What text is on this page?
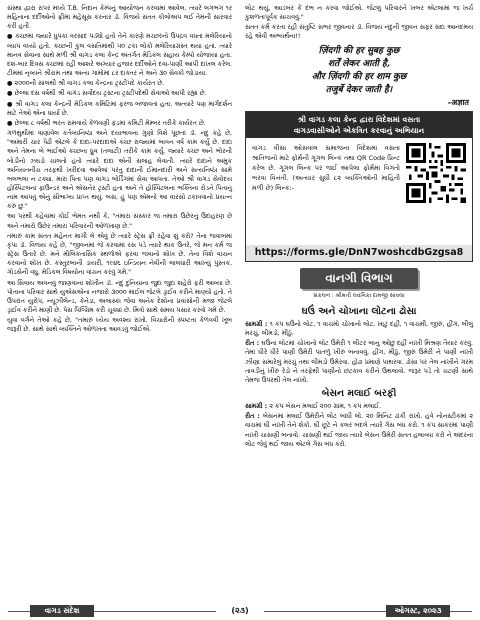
સંસ્થા દ્વારા રાપર મધ્યે T.B. નિદાન કેમ્પનું આયોજન કરવામાં આવેલ. ત્યારે લગભગ ૧ર મહિનાના દર્દીઓનો ફ્રીમાં મહેસૂસ કરનાર ડૉ. વિજયે સતત કોલોઅપ લઈ તેમની સારવાર કરી હતી.

● ક્ચ્છમાં જ્યારે ધુપકા વરસાદ પડ્યો હતો તેને કારણે મચ્છરનો ઉપદ્રવ વધતાં મલેરિયાનો વ્યાપ વધ્યો હતો. ક્ચ્છની કુલ વસતિમાંથી ૫૦ ટકા લોકો મલેરિયાગ્રસ્ત થયા હતાં. ત્યારે માનવ સેવાના સાથે મળી શ્રી વાગડ કલા કેન્દ્ર અંતર્ગત મેડિકલ સહાય કેમ્પો યોજાયા હતા. દશ-બાર દિવસ ક્ચ્છમાં રહી આશરે અગ્યાર હજાર દર્દીઓને દવા-પાણી આપી દાખલ કરેલ. ટીમમાં નૃવ્યને શ્રીરામ તથા અન્ય ગામોમાં ૮ર દાક્તર ને અને ૩૦ સેવકો જોડાયા.

● ૨૦૦૦ની સાલથી શ્રી વાગડ કલા કેન્દ્રના ટ્રસ્ટીપદે કાર્યરત છે.

● છેલ્લા દસ વર્ષથી શ્રી વાગડ સર્વોદય ટ્રસ્ટના ટ્રસ્ટીપદેથી સેવાઓ આપી રહ્યા છે.

● શ્રી વાગડ કલા કેન્દ્રની મેડિકલ કમિટિમાં ફરજ બજાવતાં હતા. અત્યારે પણ માર્ગદર્શન માટે તેઓ એના ધાર્યા છે.

● છેલ્લા ૮ વર્ષથી ભરત રામવાયે કેળવણી ફંડમાં કમિટી મેમ્બર તરીકે કાર્યરત છે.

ગળથુથીમાં વાણાવેલ કર્તવ્યનિષ્ઠા અને દયાભાવના ગુણો વિશે પૂછતાં ડૉ. નંદુ કહે છે, "અમારી ચાર પેઢી એટલે કે દાદા-પરદાદાએ ક્ચ્છ રાજ્યમાં બાવન વર્ષ કામ કર્યું છે. દાદા અને તેમના બે ભાઈઓ ક્ચ્છના ધ્રુવ (તલાટી) તરીકે કામ કર્યું. જ્યારે ક્ચ્છ અને ભોરની બોડીનો ઝઘડો ચાલતો હતો ત્યારે દાદા એની સલાહ લેવાતી. ત્યારે દાદાને અમુક અનિયતનીચ તરફથી ખરીદવા આવેલાં પરંતુ દાદાની ઈમાનદારી અને સત્યનિષ્ઠા સામે ભલભલા ન ટક્યા. મારા પિતા પણ વાગડ બોર્ડિંગમાં સેવા આપતા. તેઓ શ્રી વાગડ સેવોદય હોસ્પિટલના ફાઉન્ડર અને એસનેર ટ્રસ્ટી હતા અને તે હોસ્પિટલના ભક્તિના રોડને પિતાનું નામ આપવું એનું સૌભાગ્ય પ્રાપ્ત થયું. બસ, હું પણ એમનો આ વારસો ટકાવવાનો પ્રયત્ન કરું છું."

આ પરથી કહેવામાં કોઈ ભેમત નથી કે, "તમારા સંસ્કાર જ તમારા ઉછેરનું ઉદાહરણ છે અને તમારો ઉછેર તમારા પરિવારની ઓળખાણ છે."

તમારું કામ સતત મહેનત માગી લે એવું છે ત્યારે સ્ટ્રેસ ફ્રી રહેવા શું કરો? તેના જવાબમાં કૃપા ડૉ. વિજય કહે છે, "જીવનમાં જે કરવામાં રસ પડે ત્યારે થાક ઉતરે, જે મન કર્મ જ સ્ટ્રેસ ઉતારે છે. મને મૌલિકતાસિક સ્થળોએ ફરવા જવાનો શોખ છે. તેના વિશે વાંચન કરવાનો શોખ છે. કસ્તુરબાની ડાયરી, ૧૯૪૬ ઇન્ડિયન નેવીની લાલધારી આખ્યું પુસ્તક, ગોડસેની વધુ, મેડિકલ વિષયોના વાંચન કરવું ગમે."

આ સિવાય અવનવું જાણવાના શોખીન ડૉ. નંદુ દુનિયાના જુદા જુદા શહેરો ફરી આવ્યા છે. પોતાના પરિવાર સાથે યુએસએના નજારો ૩૦૦૦ માઈલ જેટલે ડ્રાઈવ કરીને માણ્યો હતો. તે ઉપરાંત યુરોપ, ન્યૂઝીલેન્ડ, કેનેડા, અલાસ્કા જેવા અનેક દેશોના પ્રવાસોની મજા જેટલે ડ્રાઈવ કરીને માણી છે. પેસ પિલ્ગ્રિમ કરી ચૂક્યાં છે. મિત્રો સાથે સમય પસાર કરવો ગમે છે.

યુવા વર્ગને તેઓ કહે છે, "તમારું ધ્યેય અવશ્ય રાખો. વિચારોની સ્પષ્ટતા કેળવવી ખૂબ જરૂરી છે. સાથે સાથે વ્યક્તિને ઓળખતા આવડવું જોઈએ.

લોટ થયું, આડંબર કે દંભ ન કરવા જોઈએ. જેટલું પરિવારને ખબર એટલામાં જ ખર્ચ કુશળતાપૂર્વક સાચવવું."

સતત કર્મ કરતા રહી સંતુષ્ટિ સભર જીવનાર ડૉ. વિજય નંદુની જીવન સફર સદા આનંદમય રહે એવી અભ્યર્થના!!

ज़िंदगी की हर सुबह कुछ
शर्तें लेकर आती है,
और ज़िंदगी की हर शाम कुछ
तजुर्बे देकर जाती है।
-अज्ञात
શ્રી વાગડ કલા કેન્દ્ર દ્વારા વિદેશમાં વસતા
વાગડવાસીઓને એકત્રિત કરવાનું અભિયાન
વાગડ વીસા ઓસવાલ સમાજના વિદેશમાં વસતા શ્રાતિજનો માટે ફોર્મની ગૂગલ લિન્ક તથા QR Code પ્રિન્ટ કરેલ છે. ગૂગલ લિન્ક પર જઈ આપેલા ફોર્મમાં વિગતો ભરવા વિનંતી. (અત્યાર સુધી ૮૨ વ્યક્તિઓની માહિતી મળી છે) લિન્ક:-
https://forms.gle/DnN7woshcdbGzgsa8
વાનગી વિભાગ
સંકલન : શ્રીમતી લવંગિકા દામજી સાવલા
ઘઉં અને ચોખાના લોટના ઢોસા

સામગ્રી : ૧ કપ ઘઉંનો લોટ, ૧ વાચમો ચોખાનો લોટ, ખાટું દહીં, ૧ વાચમી, જીરું, હીંગ, લીલું મરચું, લીમડો, મીઠું.

રીત : ઘઉંના લોટમાં ચોખાનો લોટ ઉમેરી ૧ લીટર બાનુ ઓછું દહીં નાખી મિશ્રણ તૈયાર કરવું. તેમાં ધીરે ધીરે પાણી ઉમેરી પાતળું ખીરું બનાવવું. હીંગ, મીઠું, જીરું ઉમેરી ને પાણી નાખી ઝીણા સમારેલું મરચું તથા લીમડો ઉમેરવા. હોઢા પ્રમાણે પાથરવા. ઢોસા પર તેલ નાંખીને ગરમ તાવડીનું ખીરું રેડો ને તરફેથી પાણીનો છંટકાવ કરીને ઉથલાવો. જરૂર પડે તો ચટણી સાથે તેમજ ઉપરથી તેલ નાખો.

બેસન મલાઈ બરફી

સામગ્રી : ૨ કપ બેસન મલાઈ ૨૦૦ ગ્રામ, ૧ કપ મલાઈ.

રીત : બેસનમાં મલાઈ ઉમેરીને લોટ બાંધી લો. ૨૦ મિનિટ ઢાંકી રાખો. હવે નોનસ્ટીકમાં ૨ વાચમાં ઘી નાખી તેને શેકો. ઘી છૂટે ને કલર બદલે ત્યારે ગેસ બંધ કરો. ૧ કપ સાકરમાં પાણી નાખી ચાસણી બનાવો. ચાસણી થઈ જાય ત્યારે બેસન ઉમેરી સતત હલાવ્યા કરો ને અંદરના લોટ જેવું થઈ જાય એટલે ગેસ બંધ કરો.

વાગડ સંદેશ	(૨૩)	ઓગસ્ટ, ૨૦૨૩
